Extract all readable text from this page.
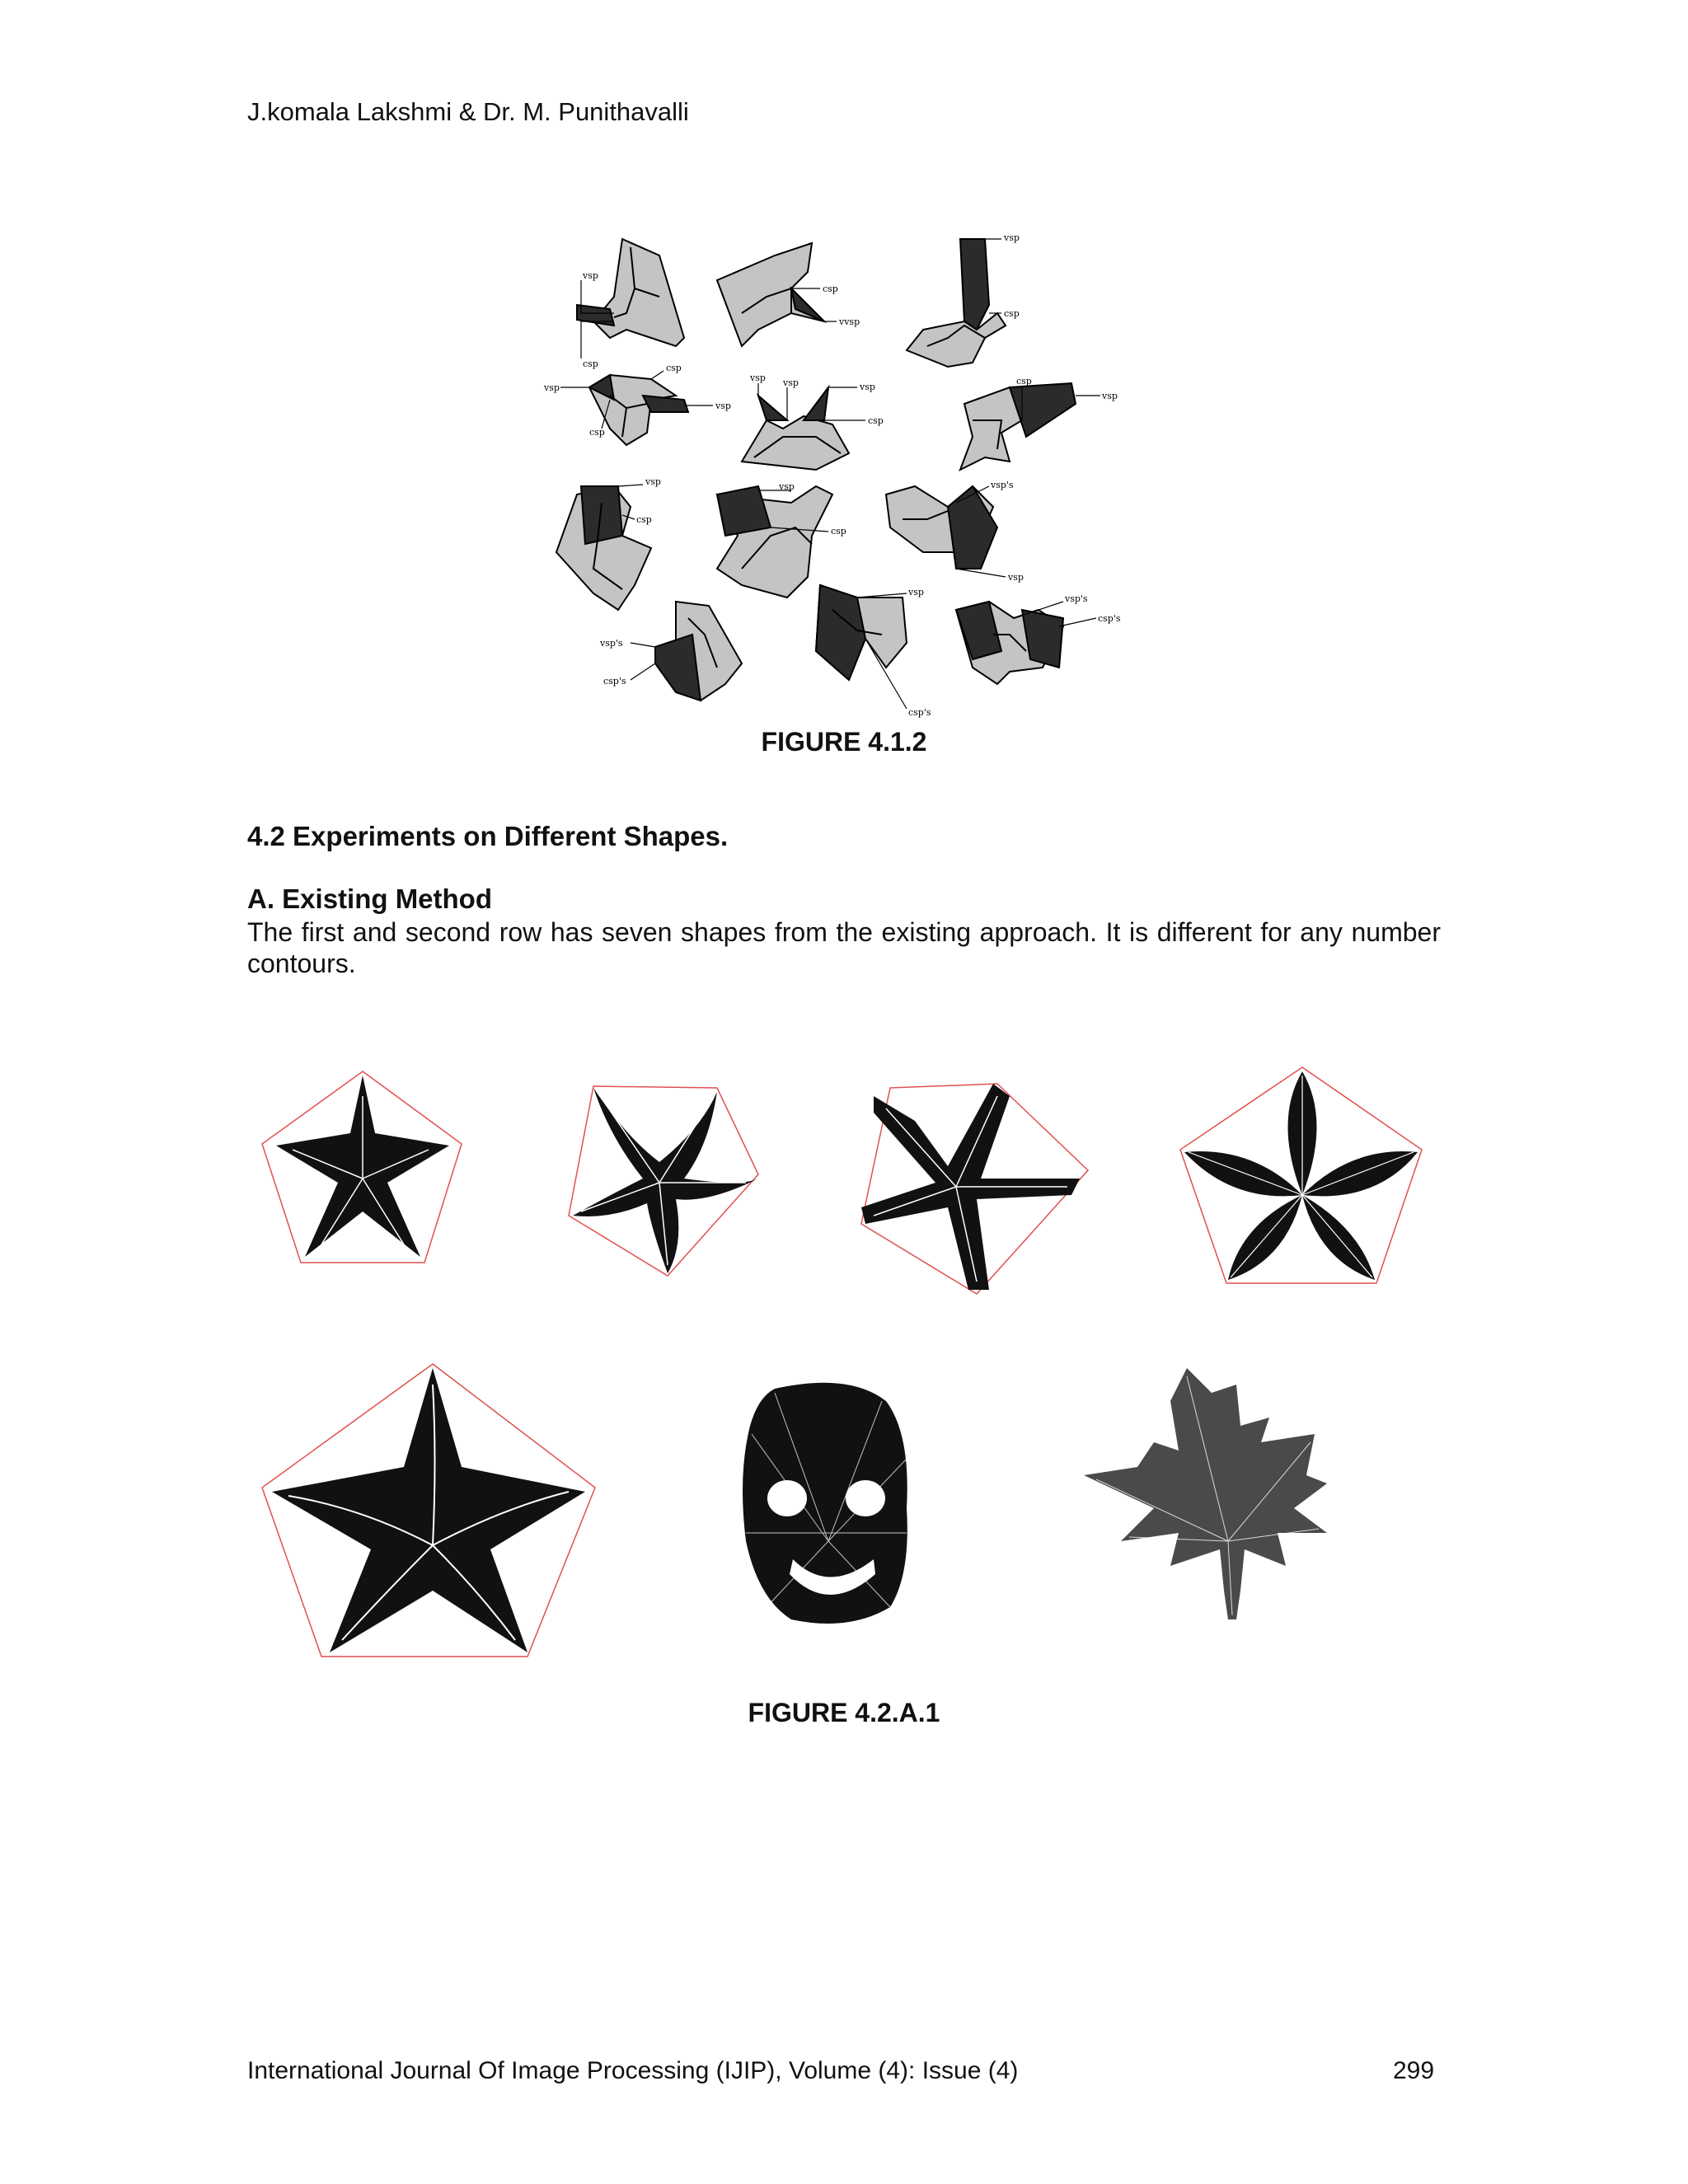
J.komala Lakshmi & Dr. M. Punithavalli
vsp
csp
csp
vvsp
vsp
csp
vsp
csp
vsp
csp
vsp vsp	vsp
csp
vsp
csp
csp
vsp	vsp	vsp's
csp
vsp
csp's
vsp
vsp's
csp's
vsp's
csp's
FIGURE 4.1.2
4.2 Experiments on Different Shapes.
A. Existing Method
The first and second row has seven shapes from the existing approach. It is different for any number contours.
FIGURE 4.2.A.1
International Journal Of Image Processing (IJIP), Volume (4): Issue (4)	299
